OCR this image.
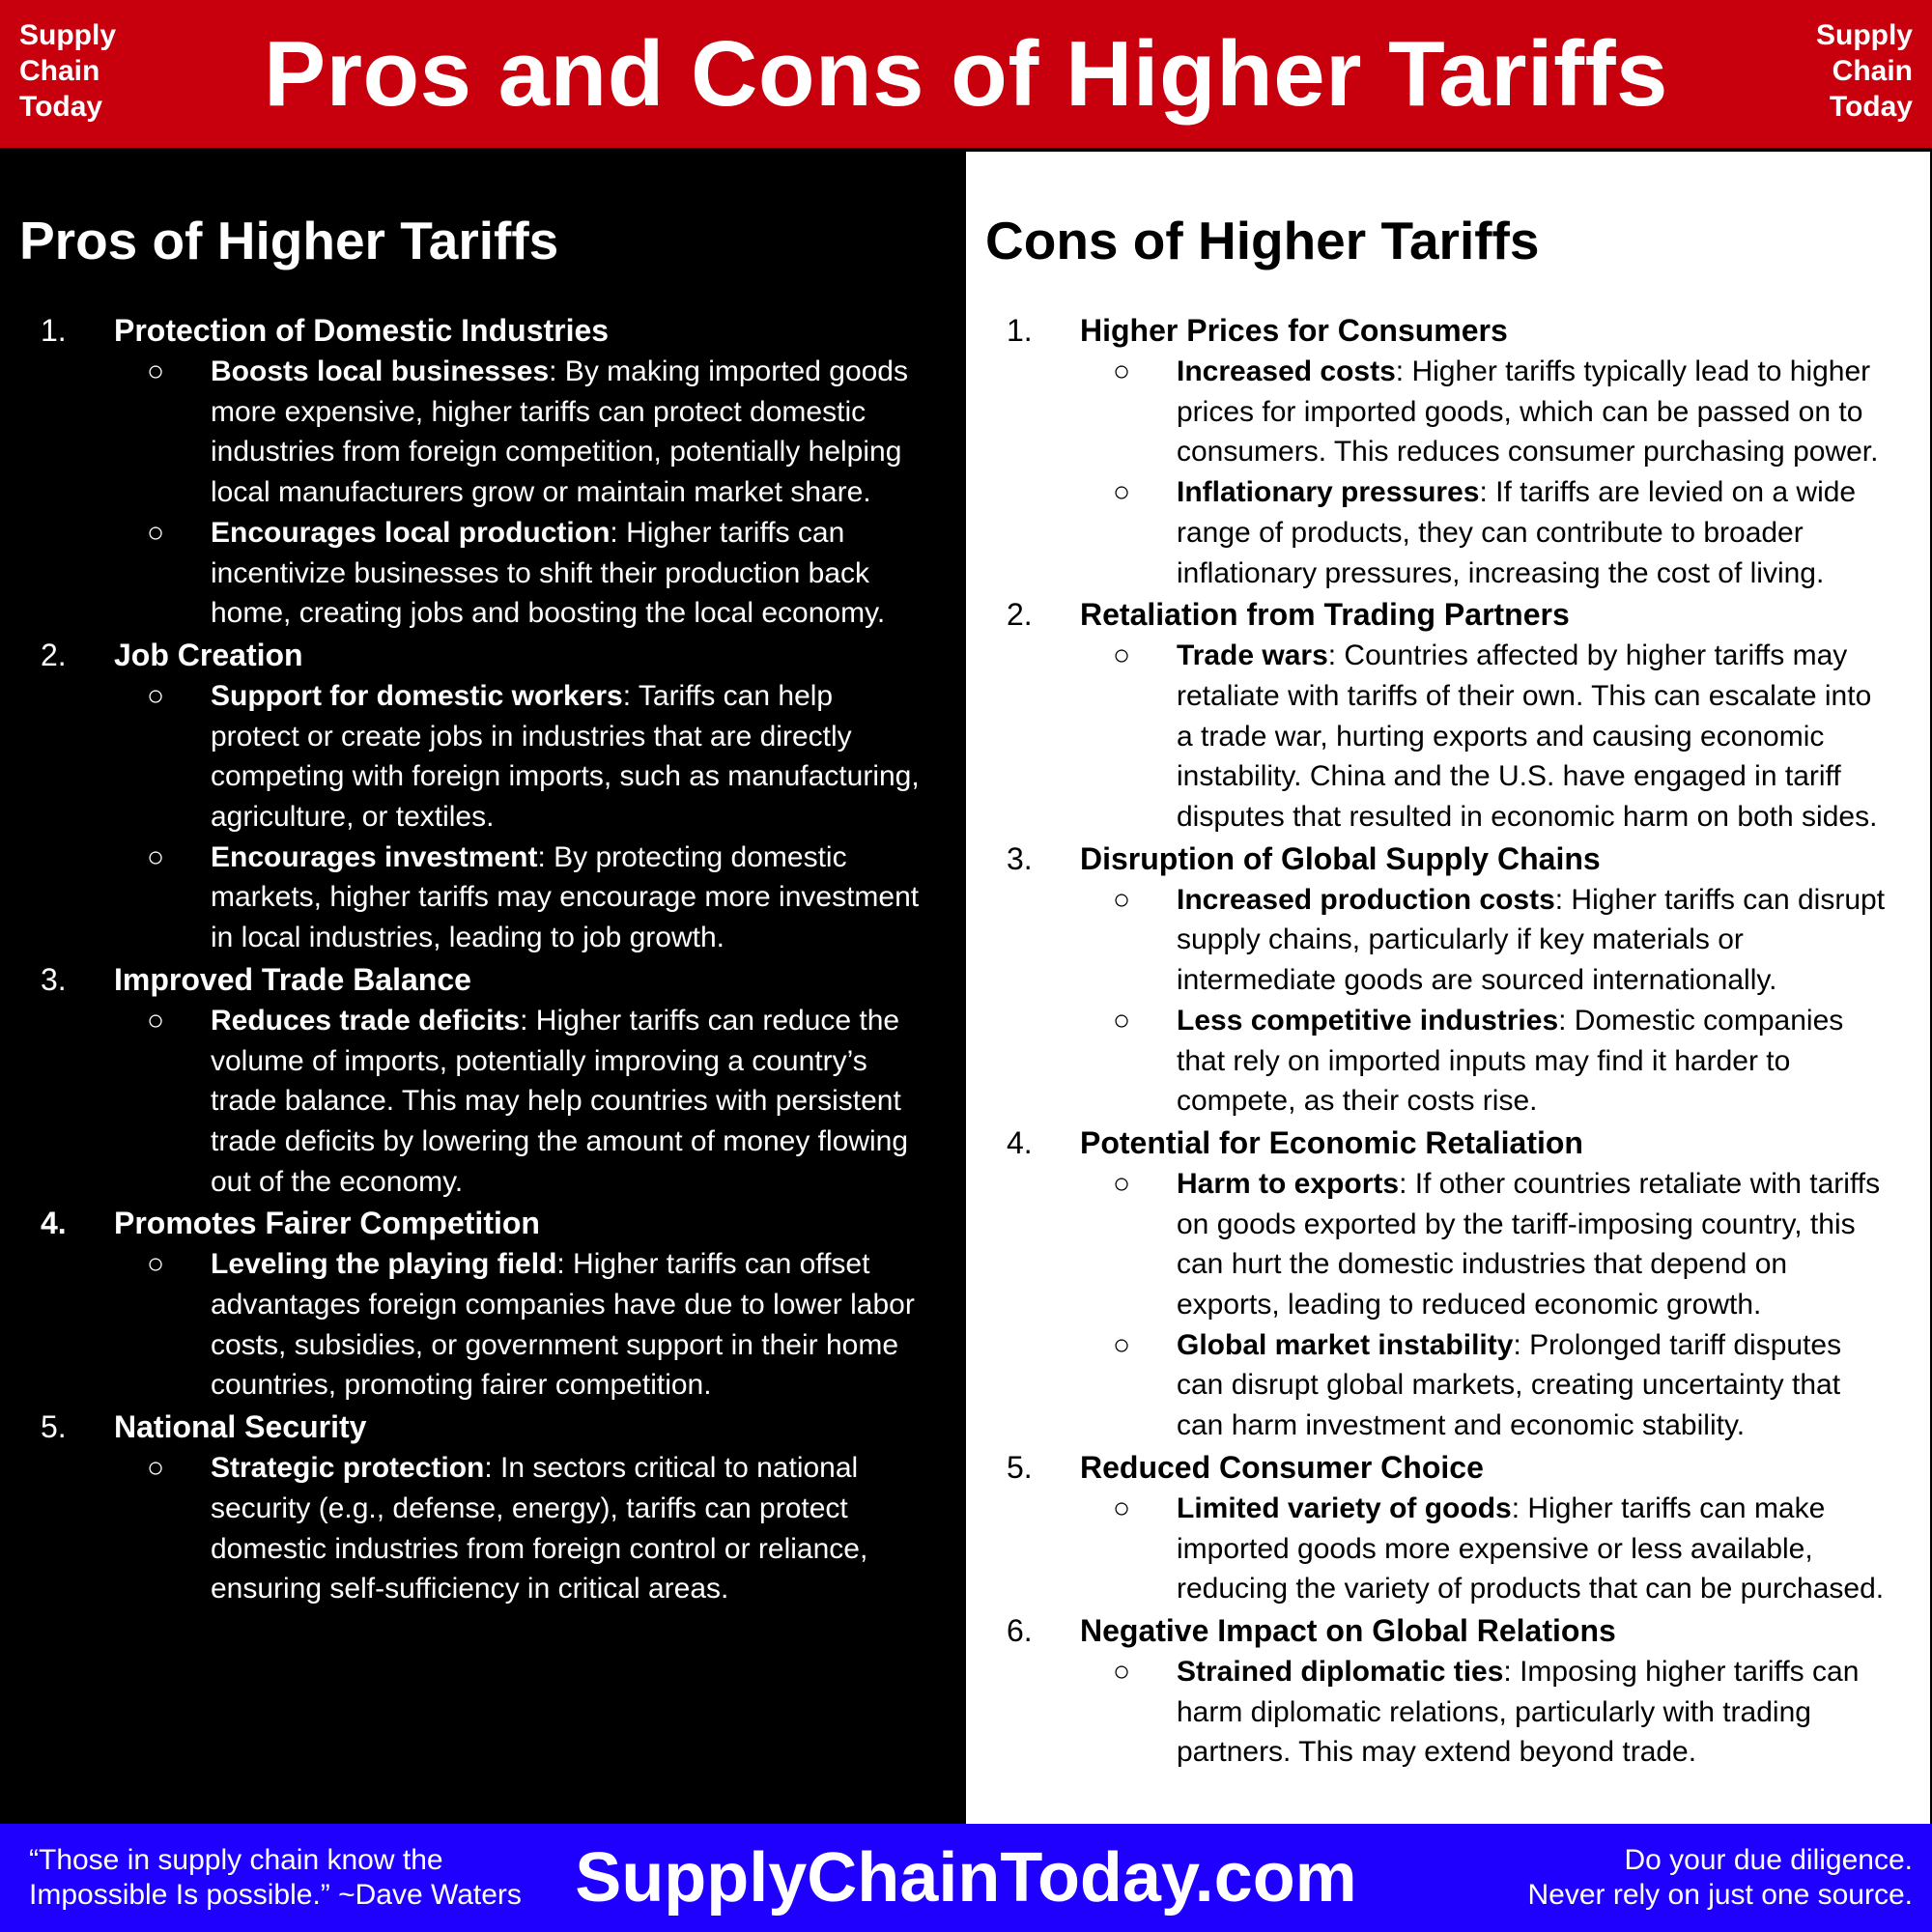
Supply
Chain
Today Pros and Cons of Higher Tariffs	Supply
Chain
Today
Pros of Higher Tariffs
1. Protection of Domestic Industries
○ Boosts local businesses: By making imported goods more expensive, higher tariffs can protect domestic industries from foreign competition, potentially helping local manufacturers grow or maintain market share.
○ Encourages local production: Higher tariffs can incentivize businesses to shift their production back home, creating jobs and boosting the local economy.
2. Job Creation
○ Support for domestic workers: Tariffs can help protect or create jobs in industries that are directly competing with foreign imports, such as manufacturing, agriculture, or textiles.
○ Encourages investment: By protecting domestic markets, higher tariffs may encourage more investment in local industries, leading to job growth.
3. Improved Trade Balance
○ Reduces trade deficits: Higher tariffs can reduce the volume of imports, potentially improving a country’s trade balance. This may help countries with persistent trade deficits by lowering the amount of money flowing out of the economy.
4. Promotes Fairer Competition
○ Leveling the playing field: Higher tariffs can offset advantages foreign companies have due to lower labor costs, subsidies, or government support in their home countries, promoting fairer competition.
5. National Security
○ Strategic protection: In sectors critical to national security (e.g., defense, energy), tariffs can protect domestic industries from foreign control or reliance, ensuring self-sufficiency in critical areas.
Cons of Higher Tariffs
1. Higher Prices for Consumers
○ Increased costs: Higher tariffs typically lead to higher prices for imported goods, which can be passed on to consumers. This reduces consumer purchasing power.
○ Inflationary pressures: If tariffs are levied on a wide range of products, they can contribute to broader inflationary pressures, increasing the cost of living.
2. Retaliation from Trading Partners
○ Trade wars: Countries affected by higher tariffs may retaliate with tariffs of their own. This can escalate into a trade war, hurting exports and causing economic instability. China and the U.S. have engaged in tariff disputes that resulted in economic harm on both sides.
3. Disruption of Global Supply Chains
○ Increased production costs: Higher tariffs can disrupt supply chains, particularly if key materials or intermediate goods are sourced internationally.
○ Less competitive industries: Domestic companies that rely on imported inputs may find it harder to compete, as their costs rise.
4. Potential for Economic Retaliation
○ Harm to exports: If other countries retaliate with tariffs on goods exported by the tariff-imposing country, this can hurt the domestic industries that depend on exports, leading to reduced economic growth.
○ Global market instability: Prolonged tariff disputes can disrupt global markets, creating uncertainty that can harm investment and economic stability.
5. Reduced Consumer Choice
○ Limited variety of goods: Higher tariffs can make imported goods more expensive or less available, reducing the variety of products that can be purchased.
6. Negative Impact on Global Relations
○ Strained diplomatic ties: Imposing higher tariffs can harm diplomatic relations, particularly with trading partners. This may extend beyond trade.
SupplyChainToday.com
“Those in supply chain know the
Impossible Is possible.” ~Dave Waters
Do your due diligence.
Never rely on just one source.
